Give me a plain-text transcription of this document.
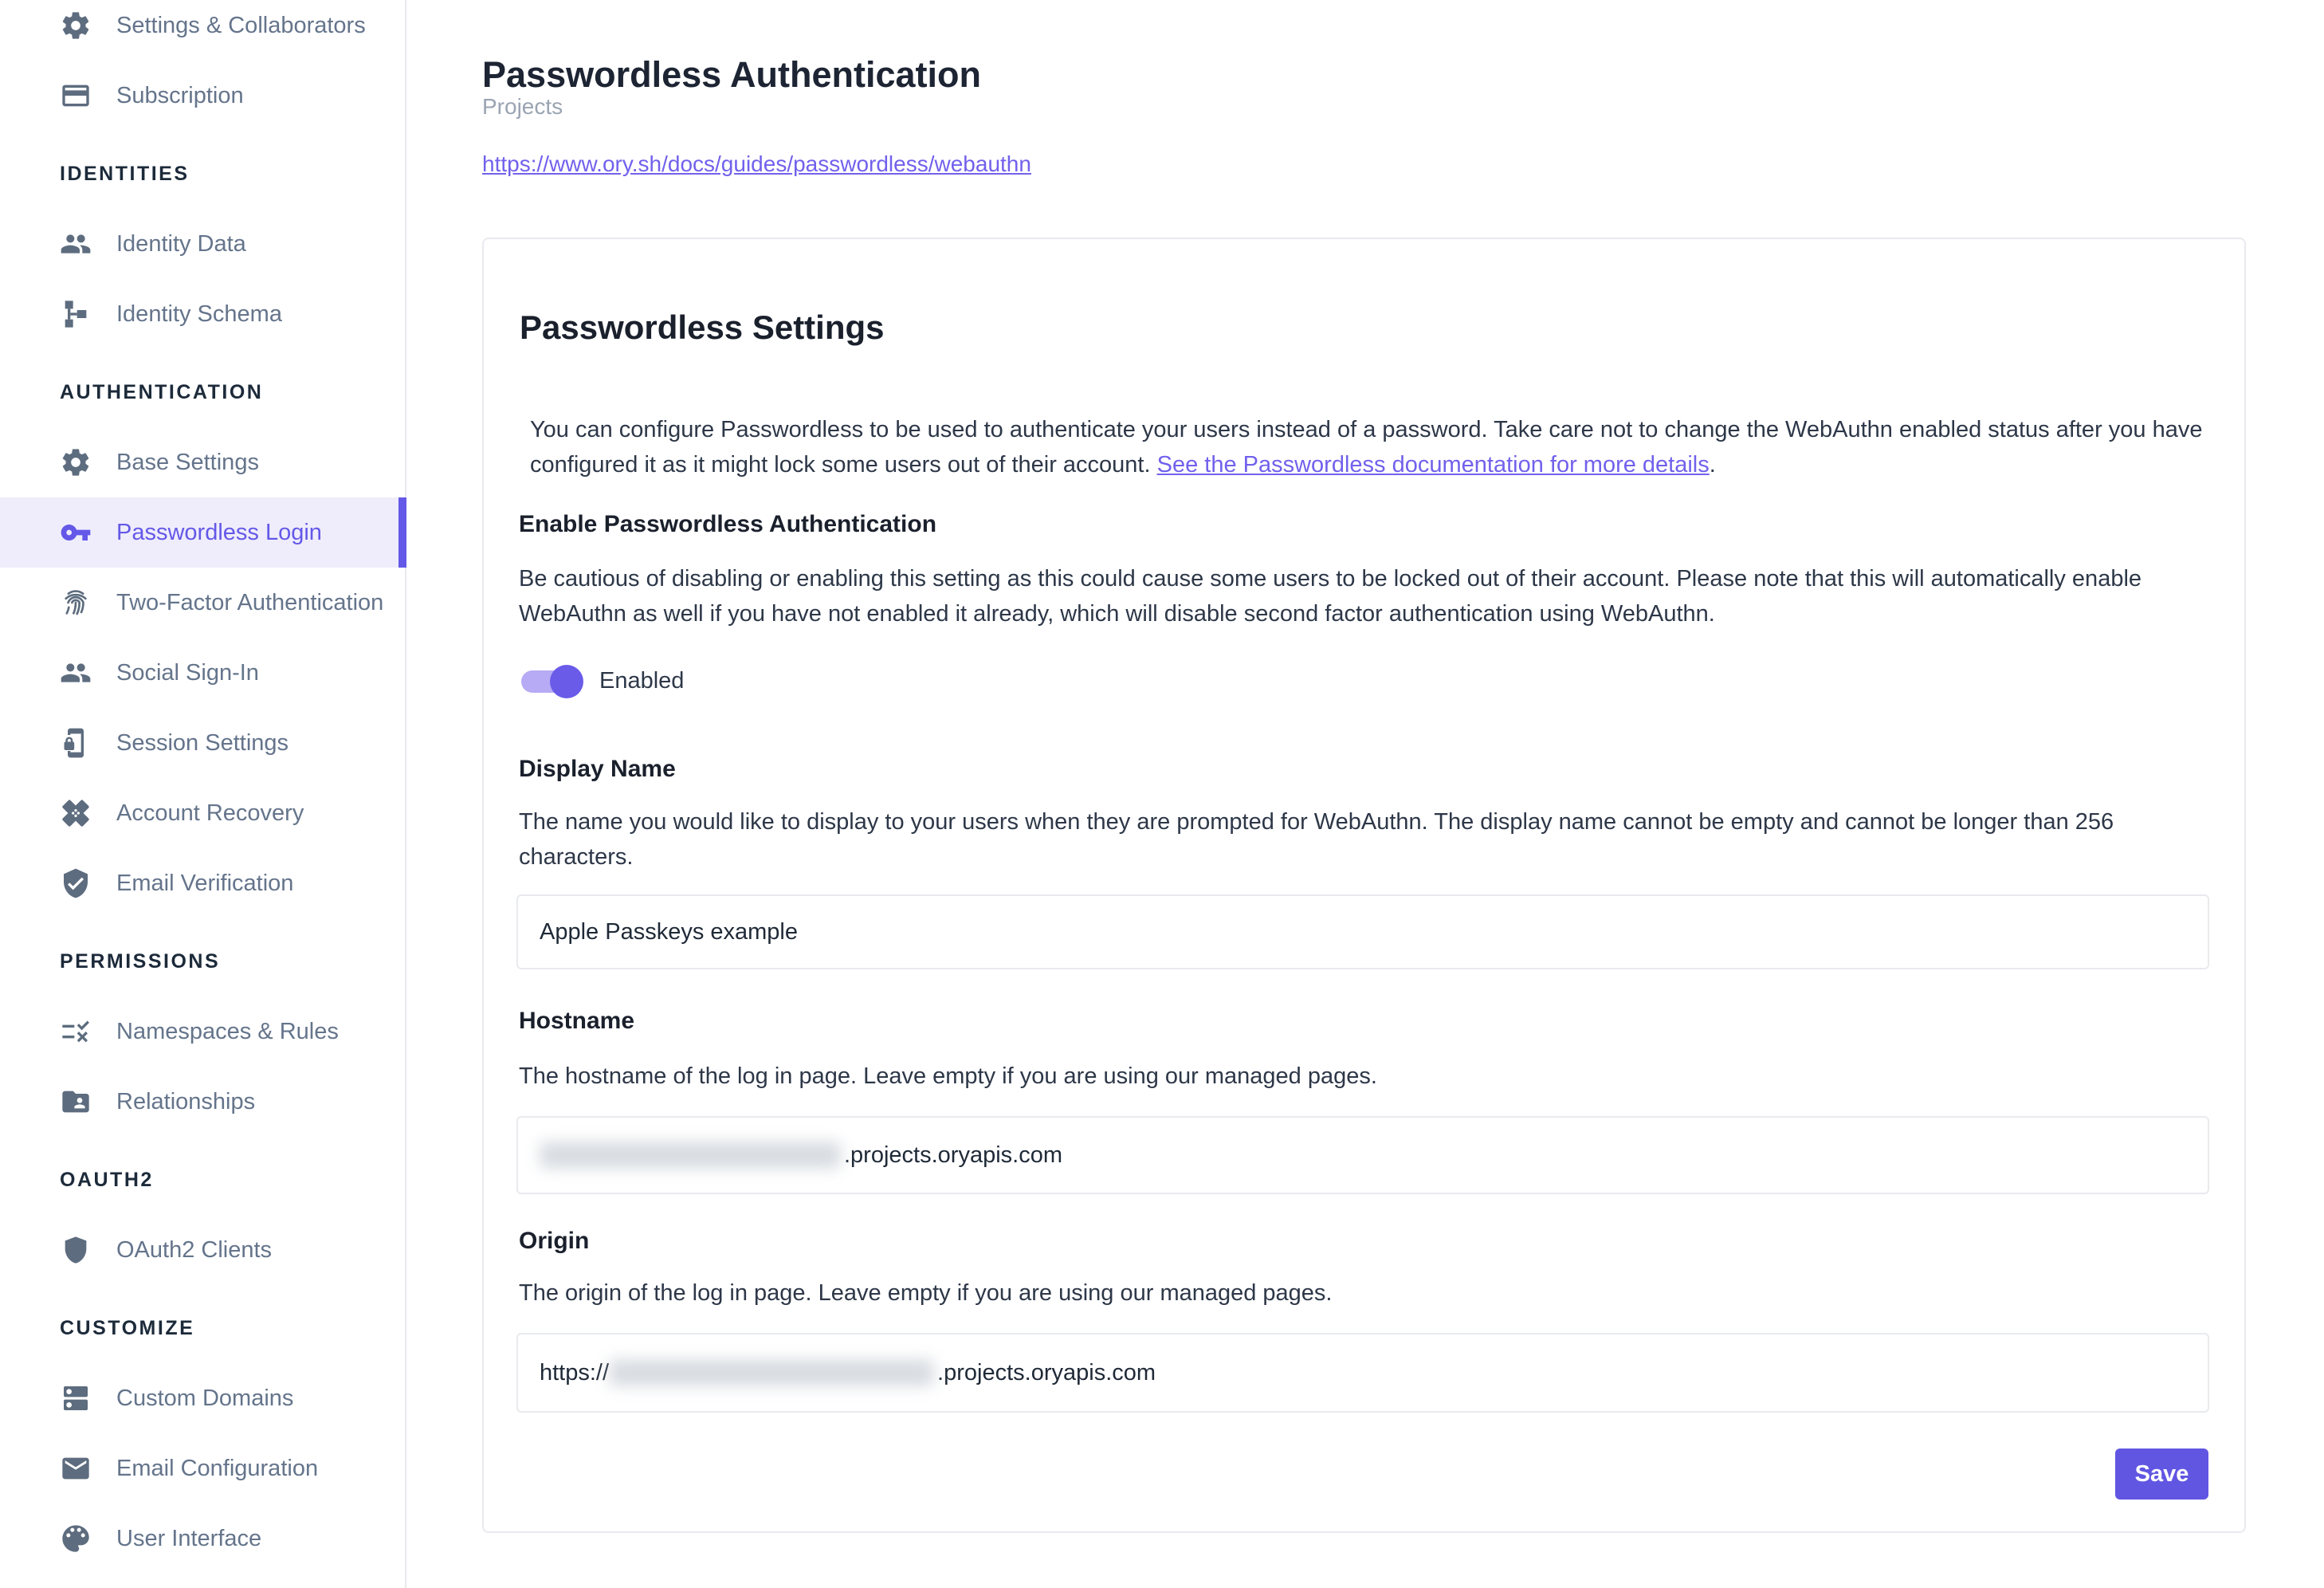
Settings & Collaborators
Subscription
IDENTITIES
Identity Data
Identity Schema
AUTHENTICATION
Base Settings
Passwordless Login
Two-Factor Authentication
Social Sign-In
Session Settings
Account Recovery
Email Verification
PERMISSIONS
Namespaces & Rules
Relationships
OAUTH2
OAuth2 Clients
CUSTOMIZE
Custom Domains
Email Configuration
User Interface
Passwordless Authentication
Projects
https://www.ory.sh/docs/guides/passwordless/webauthn
Passwordless Settings

You can configure Passwordless to be used to authenticate your users instead of a password. Take care not to change the WebAuthn enabled status after you have configured it as it might lock some users out of their account. See the Passwordless documentation for more details.

Enable Passwordless Authentication

Be cautious of disabling or enabling this setting as this could cause some users to be locked out of their account. Please note that this will automatically enable WebAuthn as well if you have not enabled it already, which will disable second factor authentication using WebAuthn.

Enabled
Display Name

The name you would like to display to your users when they are prompted for WebAuthn. The display name cannot be empty and cannot be longer than 256 characters.

Apple Passkeys example
Hostname

The hostname of the log in page. Leave empty if you are using our managed pages.

.projects.oryapis.com
Origin

The origin of the log in page. Leave empty if you are using our managed pages.

https://	.projects.oryapis.com
Save
